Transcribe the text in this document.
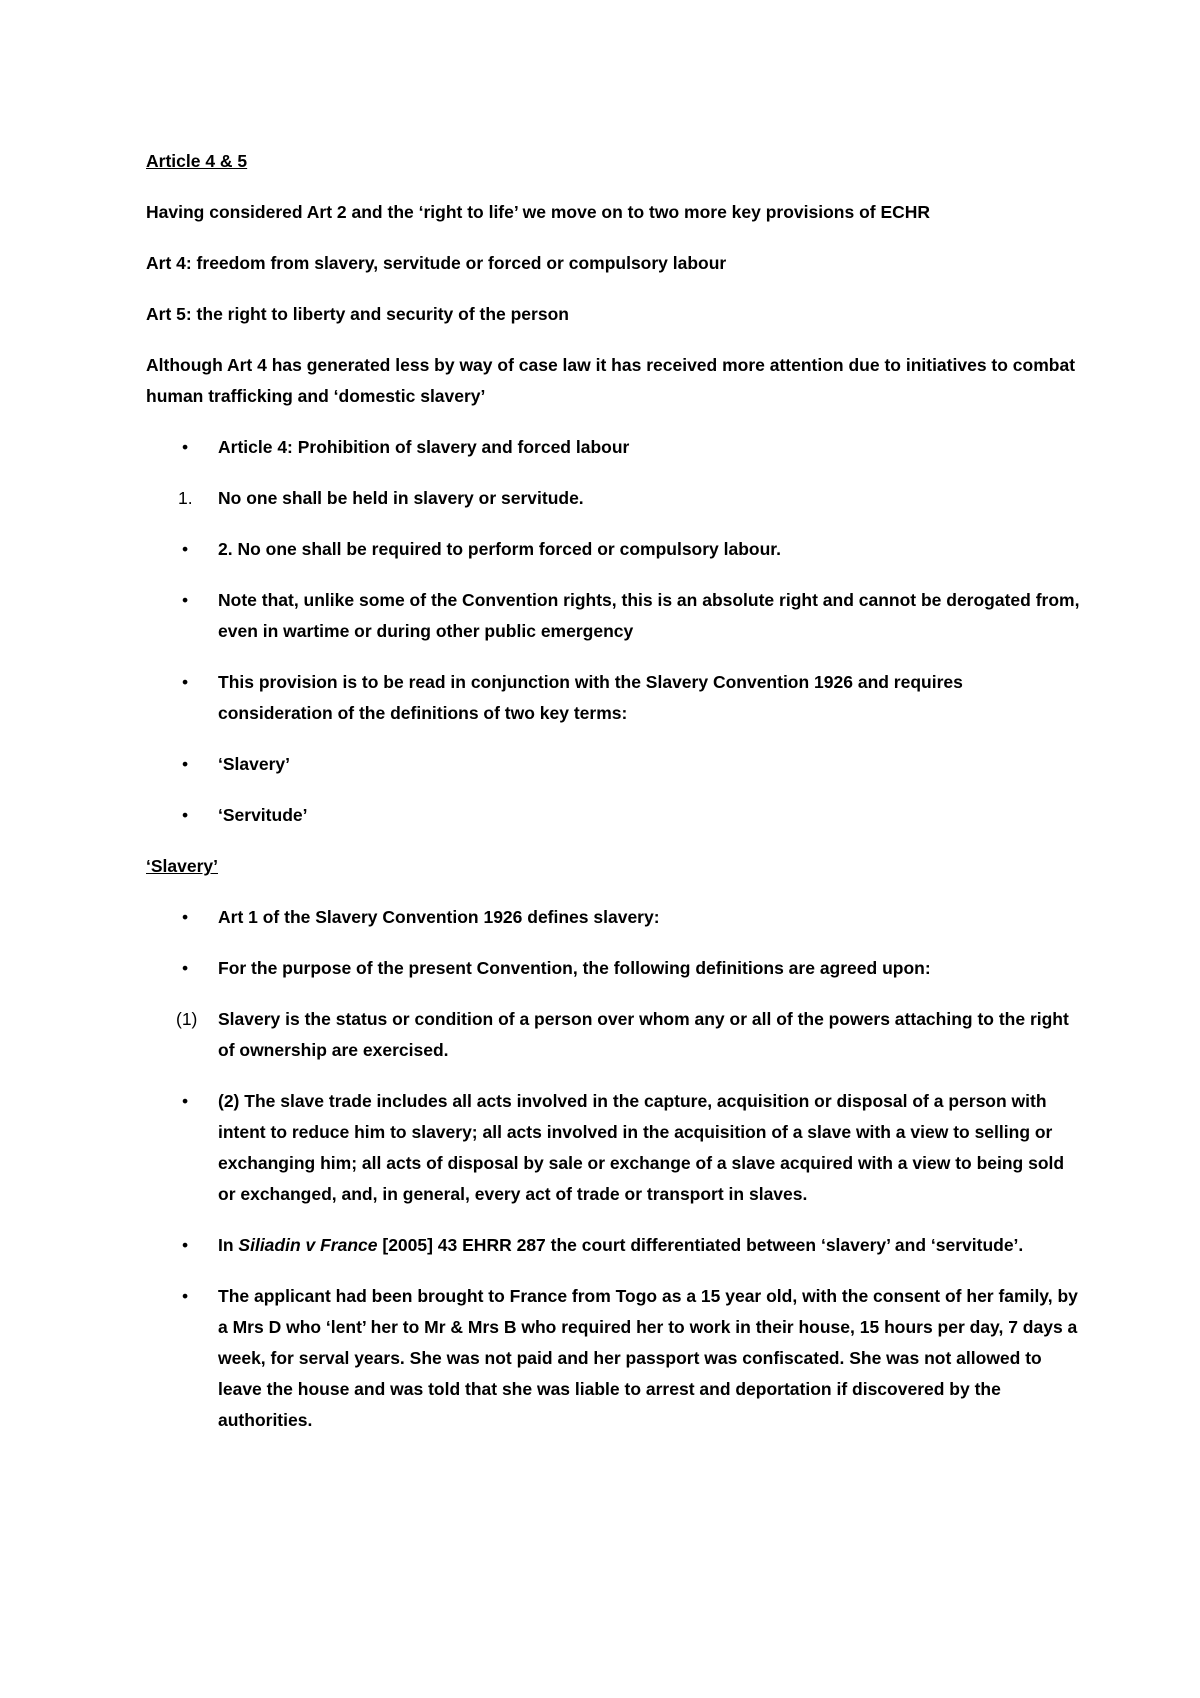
Article 4 & 5

Having considered Art 2 and the ‘right to life’ we move on to two more key provisions of ECHR

Art 4: freedom from slavery, servitude or forced or compulsory labour

Art 5: the right to liberty and security of the person

Although Art 4 has generated less by way of case law it has received more attention due to initiatives to combat human trafficking and ‘domestic slavery’

• Article 4: Prohibition of slavery and forced labour

1. No one shall be held in slavery or servitude.

• 2. No one shall be required to perform forced or compulsory labour.

• Note that, unlike some of the Convention rights, this is an absolute right and cannot be derogated from, even in wartime or during other public emergency

• This provision is to be read in conjunction with the Slavery Convention 1926 and requires consideration of the definitions of two key terms:

• ‘Slavery’

• ‘Servitude’

‘Slavery’

• Art 1 of the Slavery Convention 1926 defines slavery:

• For the purpose of the present Convention, the following definitions are agreed upon:

(1) Slavery is the status or condition of a person over whom any or all of the powers attaching to the right of ownership are exercised.

• (2) The slave trade includes all acts involved in the capture, acquisition or disposal of a person with intent to reduce him to slavery; all acts involved in the acquisition of a slave with a view to selling or exchanging him; all acts of disposal by sale or exchange of a slave acquired with a view to being sold or exchanged, and, in general, every act of trade or transport in slaves.

• In Siliadin v France [2005] 43 EHRR 287 the court differentiated between ‘slavery’ and ‘servitude’.

• The applicant had been brought to France from Togo as a 15 year old, with the consent of her family, by a Mrs D who ‘lent’ her to Mr & Mrs B who required her to work in their house, 15 hours per day, 7 days a week, for serval years. She was not paid and her passport was confiscated. She was not allowed to leave the house and was told that she was liable to arrest and deportation if discovered by the authorities.
